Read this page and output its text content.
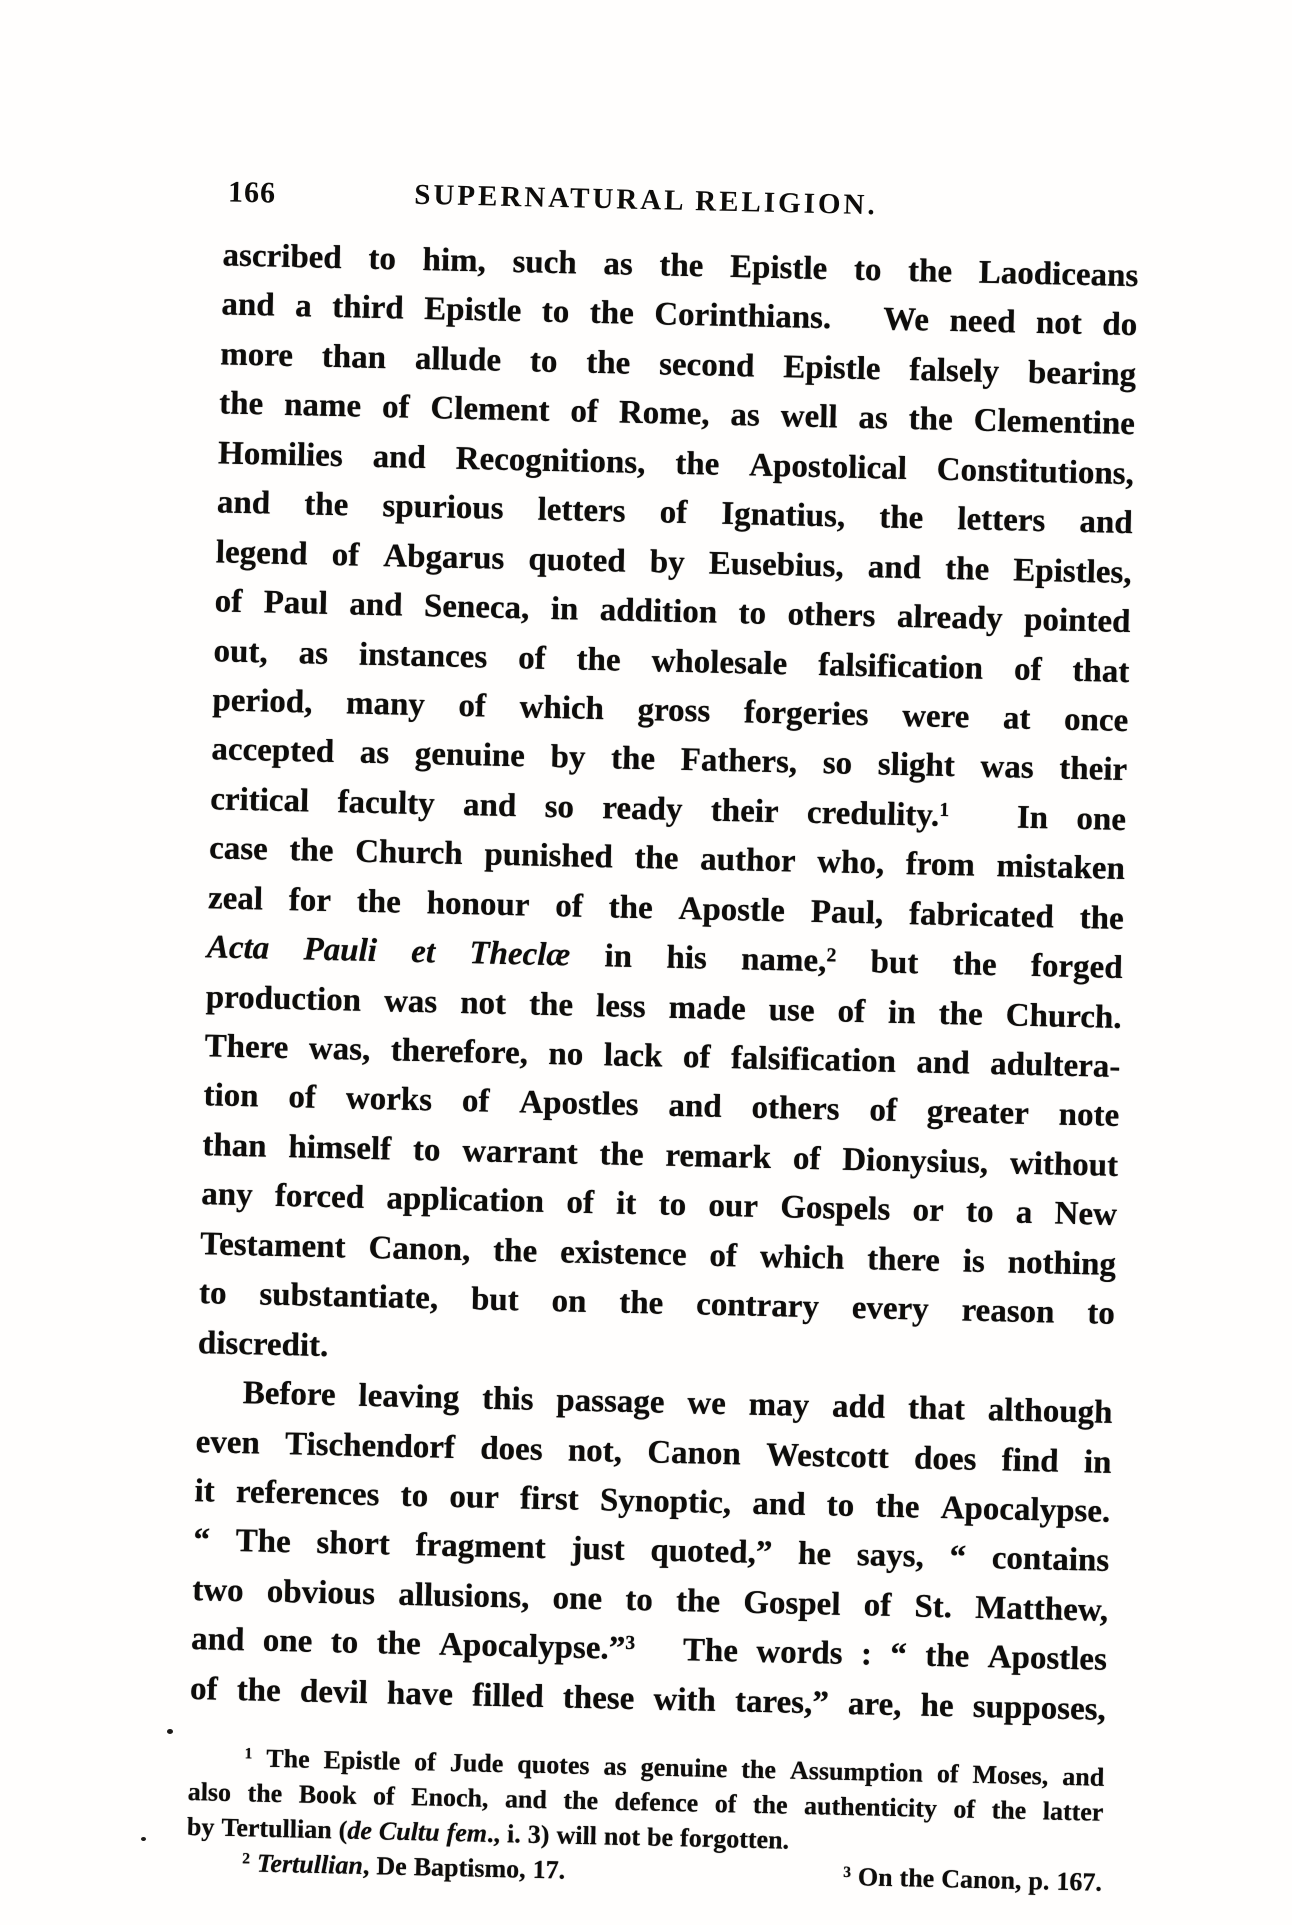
166	SUPERNATURAL RELIGION.
ascribed to him, such as the Epistle to the Laodiceans
and a third Epistle to the Corinthians. We need not do
more than allude to the second Epistle falsely bearing
the name of Clement of Rome, as well as the Clementine
Homilies and Recognitions, the Apostolical Constitutions,
and the spurious letters of Ignatius, the letters and
legend of Abgarus quoted by Eusebius, and the Epistles,
of Paul and Seneca, in addition to others already pointed
out, as instances of the wholesale falsification of that
period, many of which gross forgeries were at once
accepted as genuine by the Fathers, so slight was their
critical faculty and so ready their credulity.$^1$ In one
case the Church punished the author who, from mistaken
zeal for the honour of the Apostle Paul, fabricated the
Acta Pauli et Theclæ in his name,$^2$ but the forged
production was not the less made use of in the Church.
There was, therefore, no lack of falsification and adultera-
tion of works of Apostles and others of greater note
than himself to warrant the remark of Dionysius, without
any forced application of it to our Gospels or to a New
Testament Canon, the existence of which there is nothing
to substantiate, but on the contrary every reason to
discredit.
Before leaving this passage we may add that although
even Tischendorf does not, Canon Westcott does find in
it references to our first Synoptic, and to the Apocalypse.
“ The short fragment just quoted,” he says, “ contains
two obvious allusions, one to the Gospel of St. Matthew,
and one to the Apocalypse.”$^3$ The words : “ the Apostles
of the devil have filled these with tares,” are, he supposes,
$^1$ The Epistle of Jude quotes as genuine the Assumption of Moses, and
also the Book of Enoch, and the defence of the authenticity of the latter
by Tertullian (de Cultu fem., i. 3) will not be forgotten.
$^2$ Tertullian, De Baptismo, 17.	$^3$ On the Canon, p. 167.
